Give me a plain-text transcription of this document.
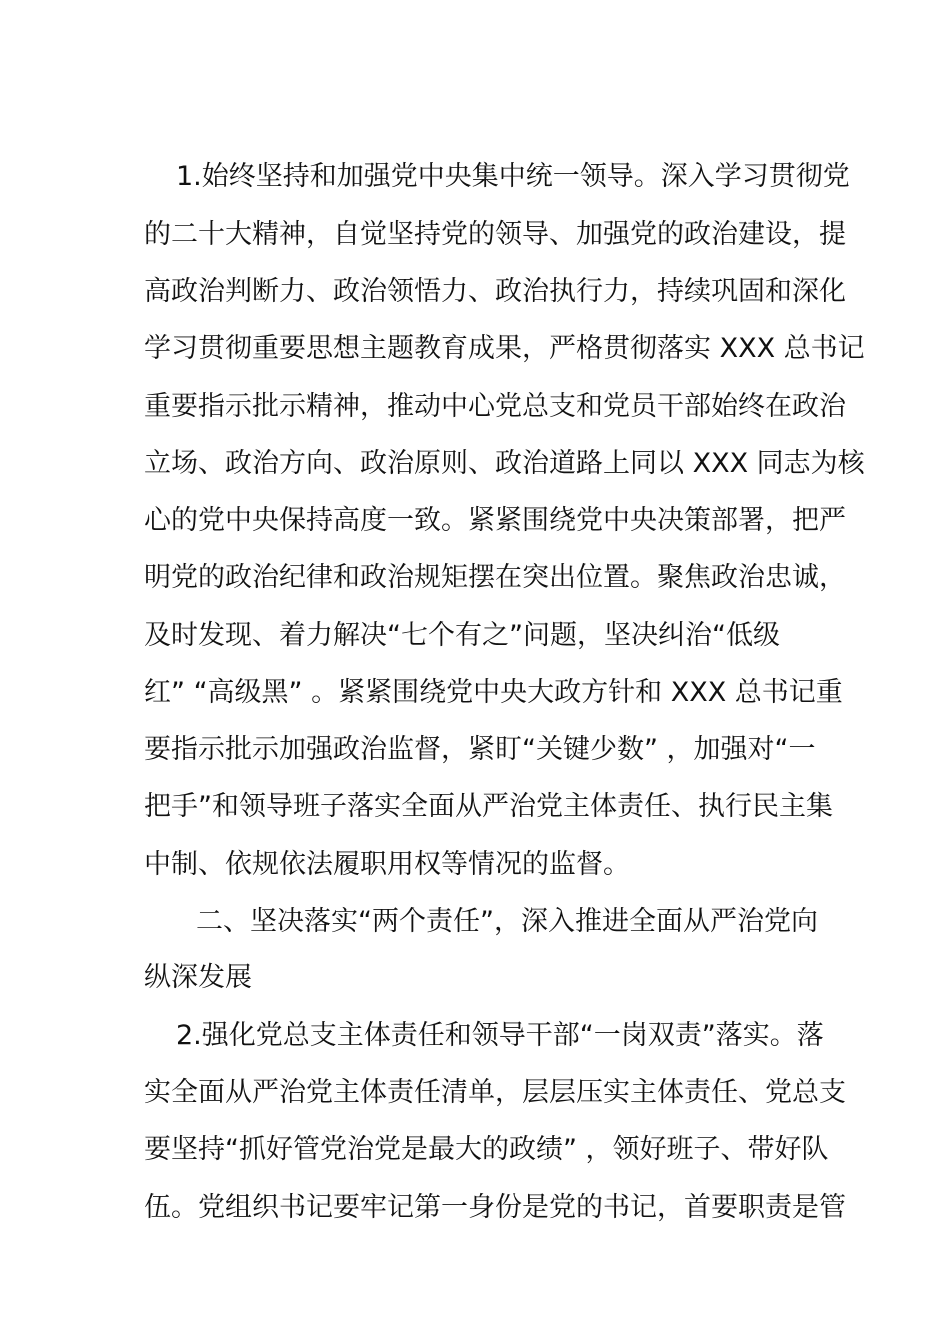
1.始终坚持和加强党中央集中统一领导。深入学习贯彻党
的二十大精神，自觉坚持党的领导、加强党的政治建设，提
高政治判断力、政治领悟力、政治执行力，持续巩固和深化
学习贯彻重要思想主题教育成果，严格贯彻落实 XXX 总书记
重要指示批示精神，推动中心党总支和党员干部始终在政治
立场、政治方向、政治原则、政治道路上同以 XXX 同志为核
心的党中央保持高度一致。紧紧围绕党中央决策部署，把严
明党的政治纪律和政治规矩摆在突出位置。聚焦政治忠诚，
及时发现、着力解决“七个有之”问题，坚决纠治“低级
红” “高级黑” 。紧紧围绕党中央大政方针和 XXX 总书记重
要指示批示加强政治监督，紧盯“关键少数” ，加强对“一
把手”和领导班子落实全面从严治党主体责任、执行民主集
中制、依规依法履职用权等情况的监督。
二、坚决落实“两个责任”，深入推进全面从严治党向
纵深发展
2.强化党总支主体责任和领导干部“一岗双责”落实。落
实全面从严治党主体责任清单，层层压实主体责任、党总支
要坚持“抓好管党治党是最大的政绩” ，领好班子、带好队
伍。党组织书记要牢记第一身份是党的书记，首要职责是管
